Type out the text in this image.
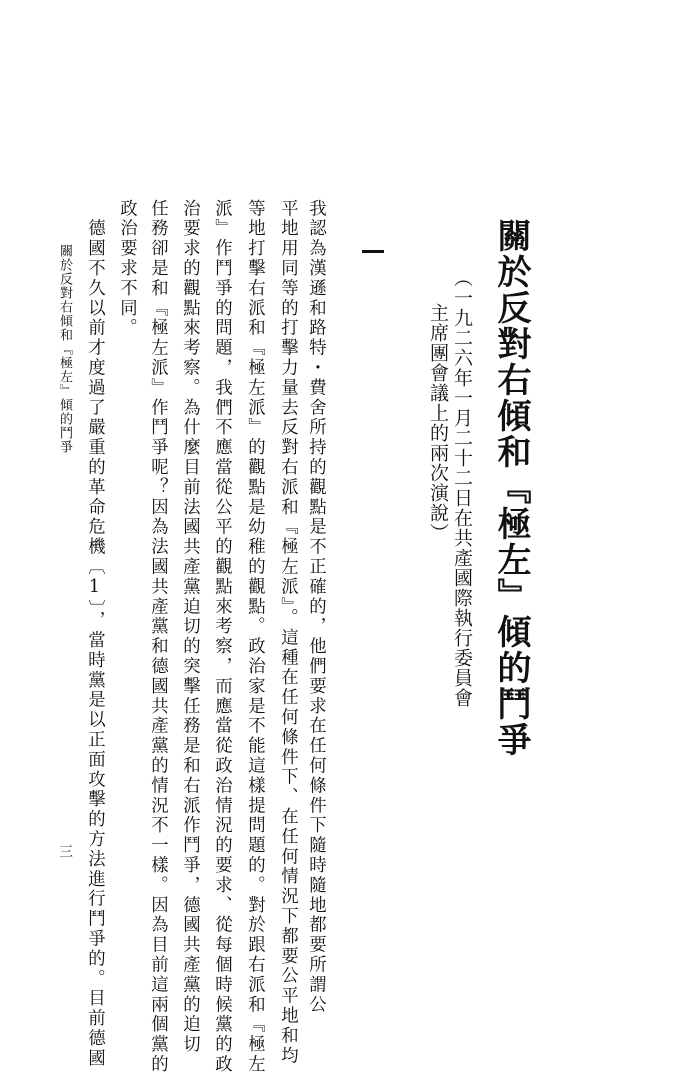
關於反對右傾和『極左』傾的鬥爭
（一九二六年一月二十二日在共產國際執行委員會
主席團會議上的兩次演說）
我認為漢遜和路特・費舍所持的觀點是不正確的，他們要求在任何條件下隨時隨地都要所謂公
平地用同等的打擊力量去反對右派和『極左派』。這種在任何條件下、在任何情況下都要公平地和均
等地打擊右派和『極左派』的觀點是幼稚的觀點。政治家是不能這樣提問題的。對於跟右派和『極左
派』作鬥爭的問題，我們不應當從公平的觀點來考察，而應當從政治情況的要求、從每個時候黨的政
治要求的觀點來考察。為什麼目前法國共產黨迫切的突擊任務是和右派作鬥爭，德國共產黨的迫切
任務卻是和『極左派』作鬥爭呢？因為法國共產黨和德國共產黨的情況不一樣。因為目前這兩個黨的
政治要求不同。
　德國不久以前才度過了嚴重的革命危機〔1〕，當時黨是以正面攻擊的方法進行鬥爭的。目前德國
關於反對右傾和『極左』傾的鬥爭
三
